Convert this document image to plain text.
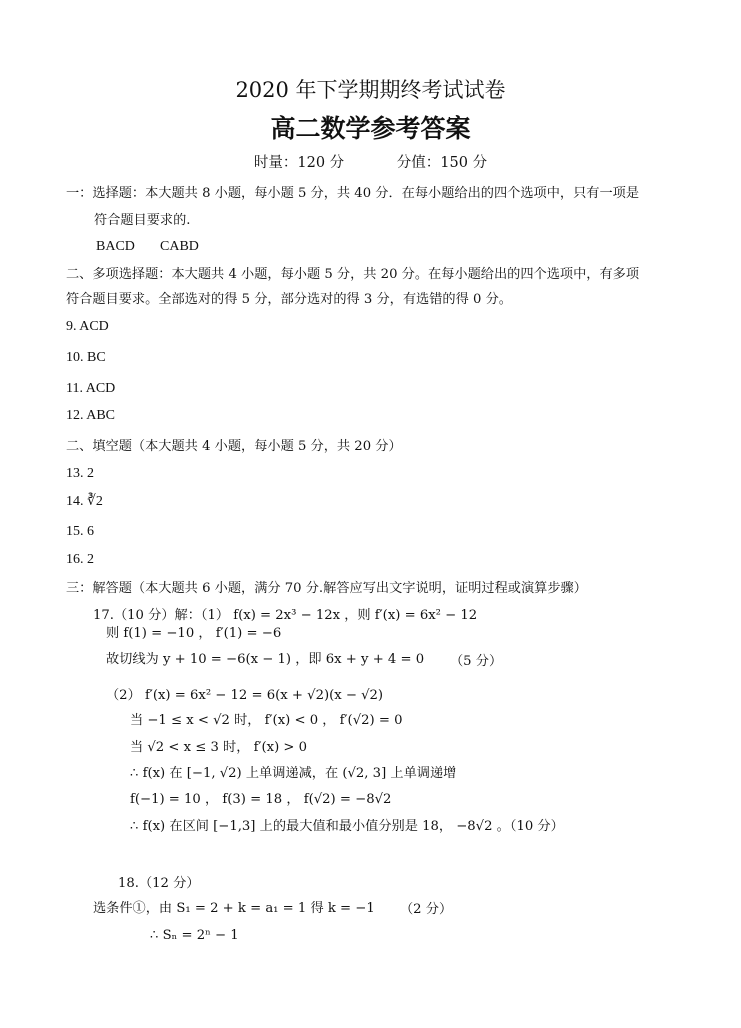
2020 年下学期期终考试试卷
高二数学参考答案
时量：120 分	分值：150 分
一：选择题：本大题共 8 小题，每小题 5 分，共 40 分．在每小题给出的四个选项中，只有一项是
符合题目要求的.
BACD CABD
二、多项选择题：本大题共 4 小题，每小题 5 分，共 20 分。在每小题给出的四个选项中，有多项
符合题目要求。全部选对的得 5 分，部分选对的得 3 分，有选错的得 0 分。
9. ACD
10. BC
11. ACD
12. ABC
二、填空题（本大题共 4 小题，每小题 5 分，共 20 分）
13. 2
14. ∛2
15. 6
16. 2
三：解答题（本大题共 6 小题，满分 70 分.解答应写出文字说明，证明过程或演算步骤）
17.（10 分）解：（1） f(x) = 2x³ − 12x ，则 f′(x) = 6x² − 12
则 f(1) = −10 ， f′(1) = −6
故切线为 y + 10 = −6(x − 1) ，即 6x + y + 4 = 0 （5 分）
（2） f′(x) = 6x² − 12 = 6(x + √2)(x − √2)
当 −1 ≤ x < √2 时， f′(x) < 0 ， f′(√2) = 0
当 √2 < x ≤ 3 时， f′(x) > 0
∴ f(x) 在 [−1, √2) 上单调递减，在 (√2, 3] 上单调递增
f(−1) = 10 ， f(3) = 18 ， f(√2) = −8√2
∴ f(x) 在区间 [−1,3] 上的最大值和最小值分别是 18， −8√2 。（10 分）
18.（12 分）
选条件①，由 S₁ = 2 + k = a₁ = 1 得 k = −1 （2 分）
∴ Sₙ = 2ⁿ − 1
